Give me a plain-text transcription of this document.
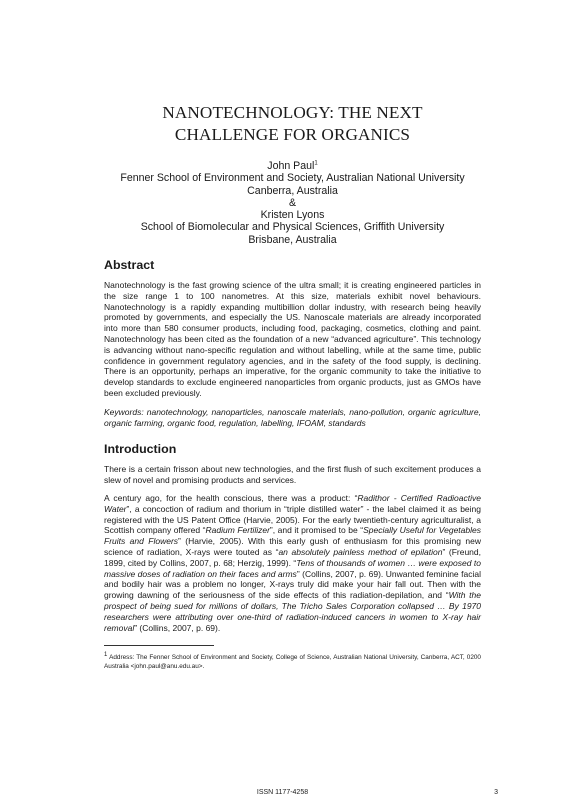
NANOTECHNOLOGY: THE NEXT
CHALLENGE FOR ORGANICS
John Paul$^1$
Fenner School of Environment and Society, Australian National University
Canberra, Australia
&
Kristen Lyons
School of Biomolecular and Physical Sciences, Griffith University
Brisbane, Australia
Abstract

Nanotechnology is the fast growing science of the ultra small; it is creating engineered particles in the size range 1 to 100 nanometres. At this size, materials exhibit novel behaviours. Nanotechnology is a rapidly expanding multibillion dollar industry, with research being heavily promoted by governments, and especially the US. Nanoscale materials are already incorporated into more than 580 consumer products, including food, packaging, cosmetics, clothing and paint. Nanotechnology has been cited as the foundation of a new “advanced agriculture”. This technology is advancing without nano-specific regulation and without labelling, while at the same time, public confidence in government regulatory agencies, and in the safety of the food supply, is declining. There is an opportunity, perhaps an imperative, for the organic community to take the initiative to develop standards to exclude engineered nanoparticles from organic products, just as GMOs have been excluded previously.

Keywords: nanotechnology, nanoparticles, nanoscale materials, nano-pollution, organic agriculture, organic farming, organic food, regulation, labelling, IFOAM, standards

Introduction

There is a certain frisson about new technologies, and the first flush of such excitement produces a slew of novel and promising products and services.

A century ago, for the health conscious, there was a product: “Radithor - Certified Radioactive Water”, a concoction of radium and thorium in “triple distilled water” - the label claimed it as being registered with the US Patent Office (Harvie, 2005). For the early twentieth-century agriculturalist, a Scottish company offered “Radium Fertilizer”, and it promised to be “Specially Useful for Vegetables Fruits and Flowers” (Harvie, 2005). With this early gush of enthusiasm for this promising new science of radiation, X-rays were touted as “an absolutely painless method of epilation” (Freund, 1899, cited by Collins, 2007, p. 68; Herzig, 1999). “Tens of thousands of women … were exposed to massive doses of radiation on their faces and arms” (Collins, 2007, p. 69). Unwanted feminine facial and bodily hair was a problem no longer, X-rays truly did make your hair fall out. Then with the growing dawning of the seriousness of the side effects of this radiation-depilation, and “With the prospect of being sued for millions of dollars, The Tricho Sales Corporation collapsed … By 1970 researchers were attributing over one-third of radiation-induced cancers in women to X-ray hair removal” (Collins, 2007, p. 69).

$^1$ Address: The Fenner School of Environment and Society, College of Science, Australian National University, Canberra, ACT, 0200 Australia <john.paul@anu.edu.au>.

ISSN 1177-4258	3
